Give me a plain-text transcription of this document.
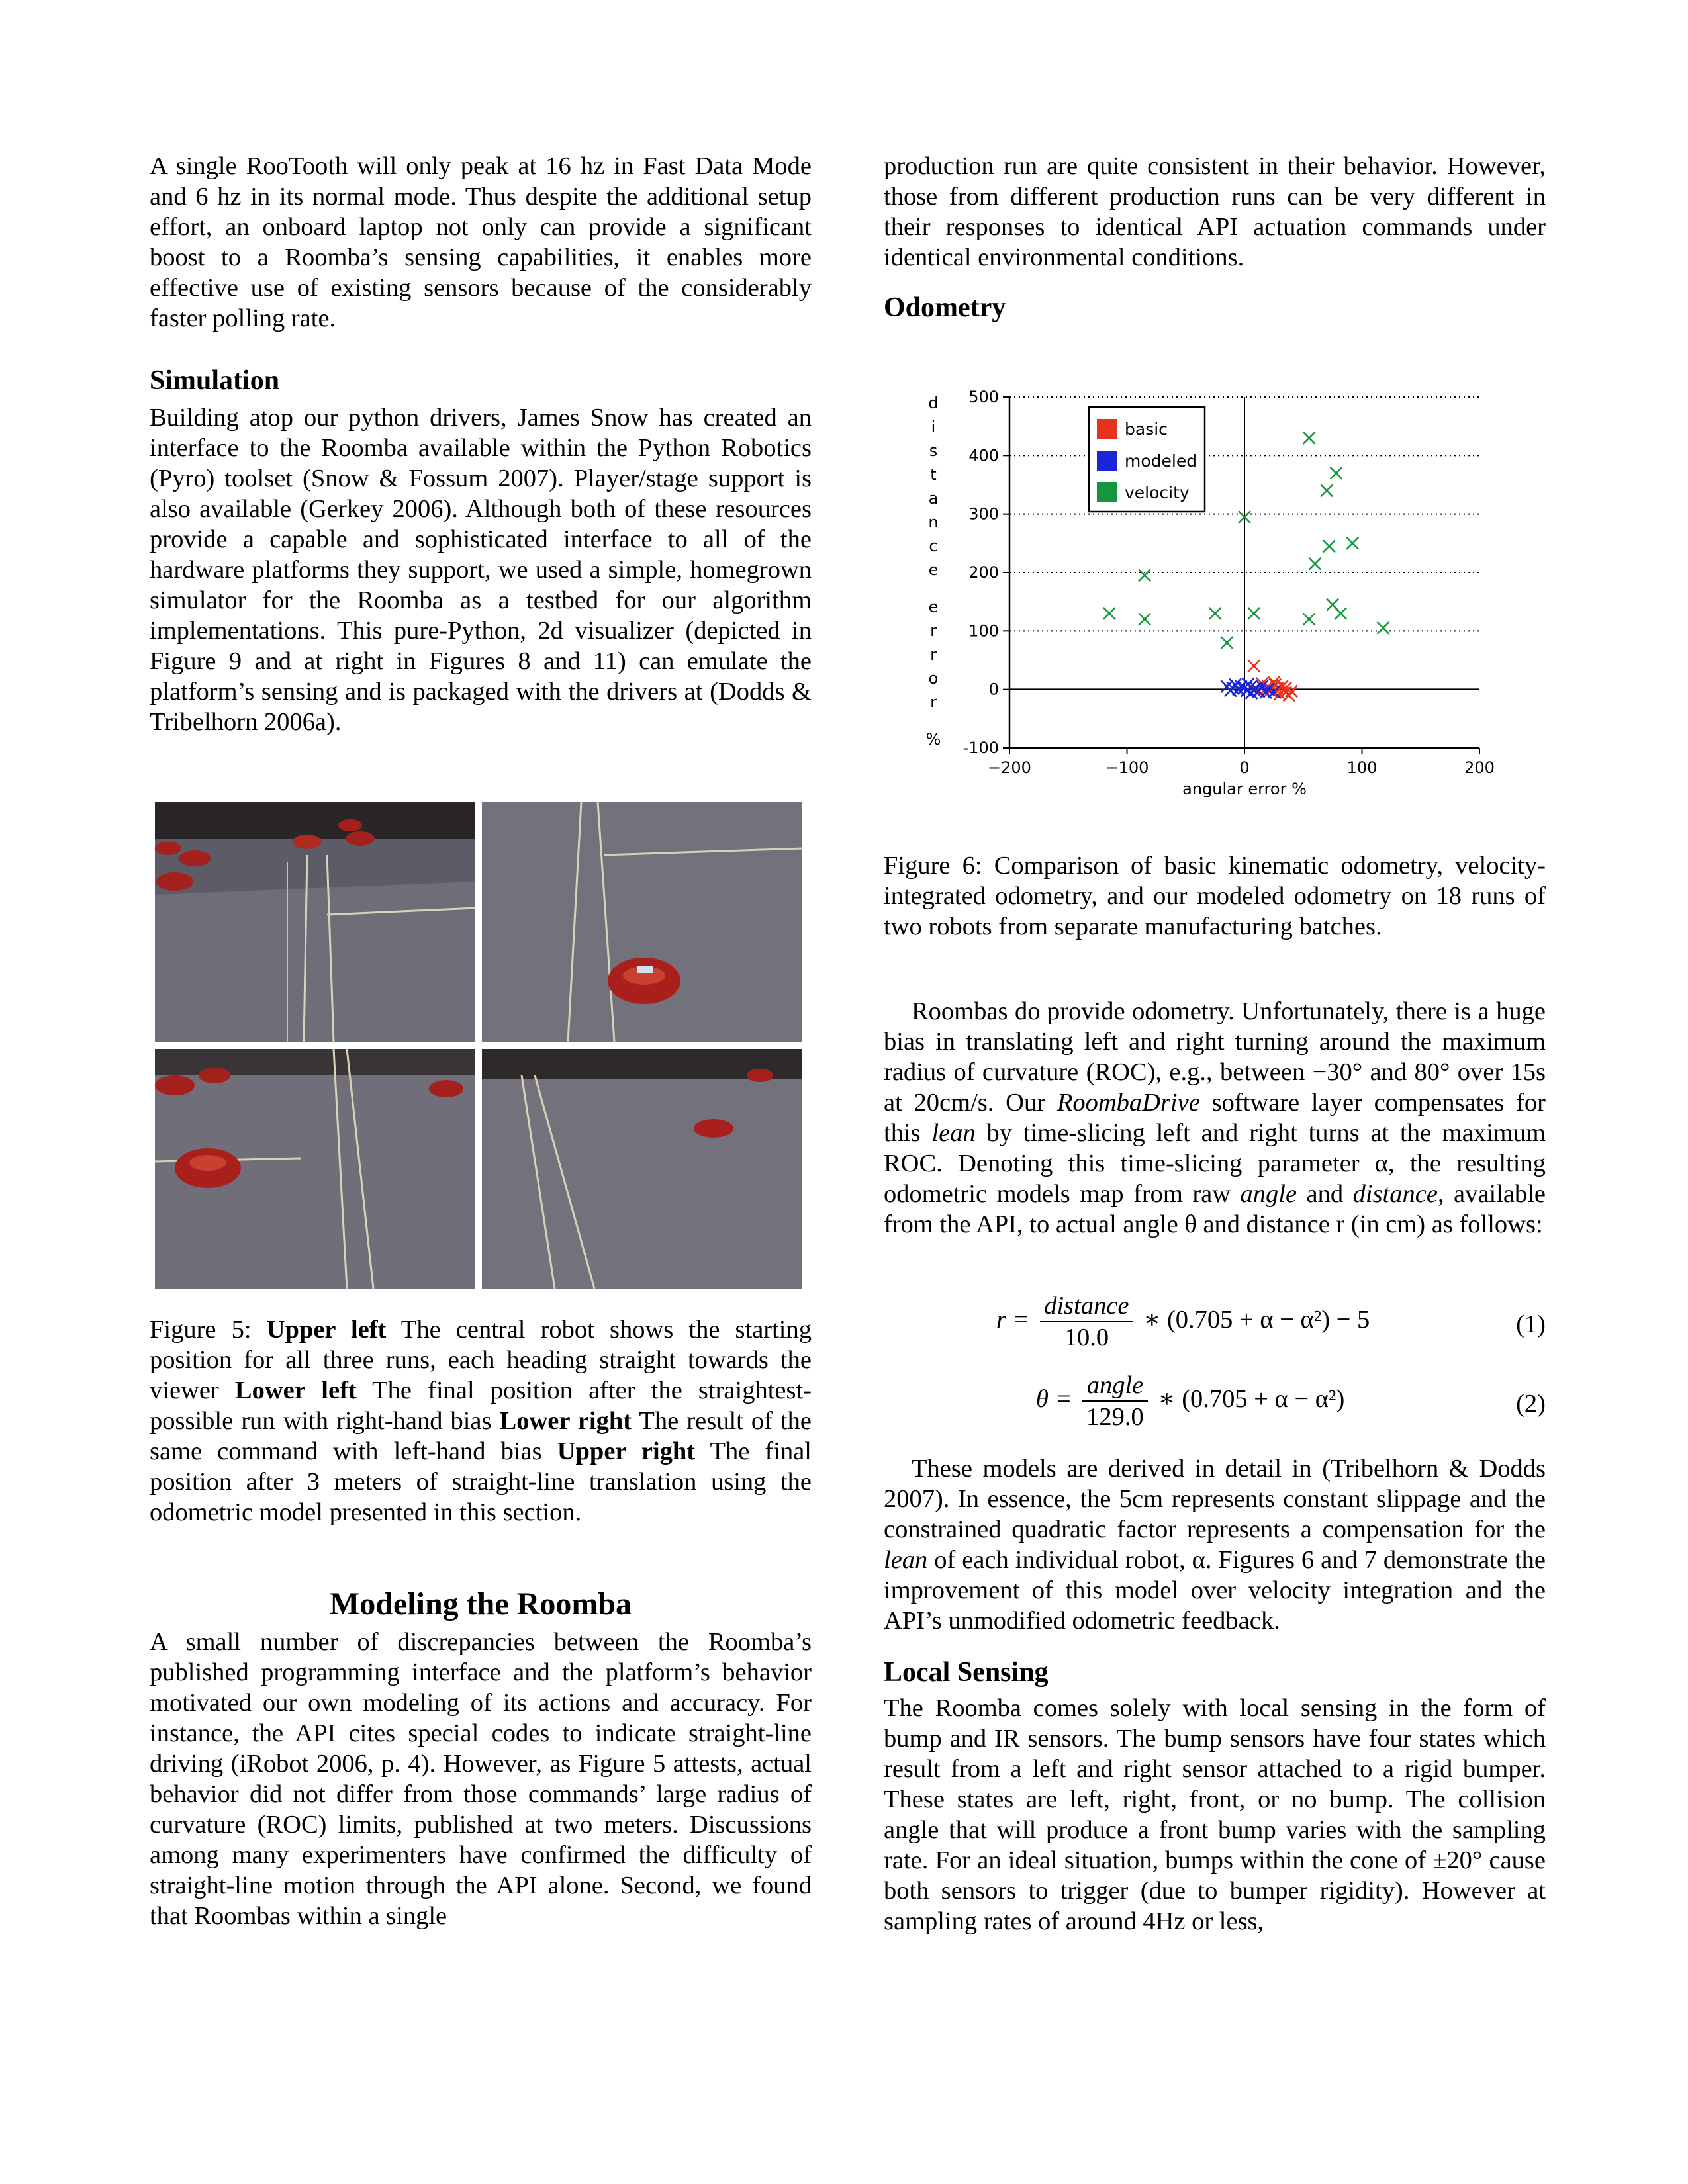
A single RooTooth will only peak at 16 hz in Fast Data Mode and 6 hz in its normal mode. Thus despite the additional setup effort, an onboard laptop not only can provide a significant boost to a Roomba’s sensing capabilities, it enables more effective use of existing sensors because of the considerably faster polling rate.

Simulation

Building atop our python drivers, James Snow has created an interface to the Roomba available within the Python Robotics (Pyro) toolset (Snow & Fossum 2007). Player/stage support is also available (Gerkey 2006). Although both of these resources provide a capable and sophisticated interface to all of the hardware platforms they support, we used a simple, homegrown simulator for the Roomba as a testbed for our algorithm implementations. This pure-Python, 2d visualizer (depicted in Figure 9 and at right in Figures 8 and 11) can emulate the platform’s sensing and is packaged with the drivers at (Dodds & Tribelhorn 2006a).

Figure 5: Upper left The central robot shows the starting position for all three runs, each heading straight towards the viewer Lower left The final position after the straightest-possible run with right-hand bias Lower right The result of the same command with left-hand bias Upper right The final position after 3 meters of straight-line translation using the odometric model presented in this section.

Modeling the Roomba

A small number of discrepancies between the Roomba’s published programming interface and the platform’s behavior motivated our own modeling of its actions and accuracy. For instance, the API cites special codes to indicate straight-line driving (iRobot 2006, p. 4). However, as Figure 5 attests, actual behavior did not differ from those commands’ large radius of curvature (ROC) limits, published at two meters. Discussions among many experimenters have confirmed the difficulty of straight-line motion through the API alone. Second, we found that Roombas within a single

production run are quite consistent in their behavior. However, those from different production runs can be very different in their responses to identical API actuation commands under identical environmental conditions.

Odometry
500
400
300
200
100
0
-100
−200	−100	0	100	200
angular error %
d
i
s
t
a
n
c
e
e
r
r
o
r
%
basic
modeled
velocity

Figure 6: Comparison of basic kinematic odometry, velocity-integrated odometry, and our modeled odometry on 18 runs of two robots from separate manufacturing batches.

Roombas do provide odometry. Unfortunately, there is a huge bias in translating left and right turning around the maximum radius of curvature (ROC), e.g., between −30° and 80° over 15s at 20cm/s. Our RoombaDrive software layer compensates for this lean by time-slicing left and right turns at the maximum ROC. Denoting this time-slicing parameter α, the resulting odometric models map from raw angle and distance, available from the API, to actual angle θ and distance r (in cm) as follows:

$r = \frac{\text{distance}}{10.0}$ ∗ (0.705 + α − α²) − 5	(1)
$\theta = \frac{\text{angle}}{129.0}$ ∗ (0.705 + α − α²)	(2)

These models are derived in detail in (Tribelhorn & Dodds 2007). In essence, the 5cm represents constant slippage and the constrained quadratic factor represents a compensation for the lean of each individual robot, α. Figures 6 and 7 demonstrate the improvement of this model over velocity integration and the API’s unmodified odometric feedback.

Local Sensing

The Roomba comes solely with local sensing in the form of bump and IR sensors. The bump sensors have four states which result from a left and right sensor attached to a rigid bumper. These states are left, right, front, or no bump. The collision angle that will produce a front bump varies with the sampling rate. For an ideal situation, bumps within the cone of ±20° cause both sensors to trigger (due to bumper rigidity). However at sampling rates of around 4Hz or less,
